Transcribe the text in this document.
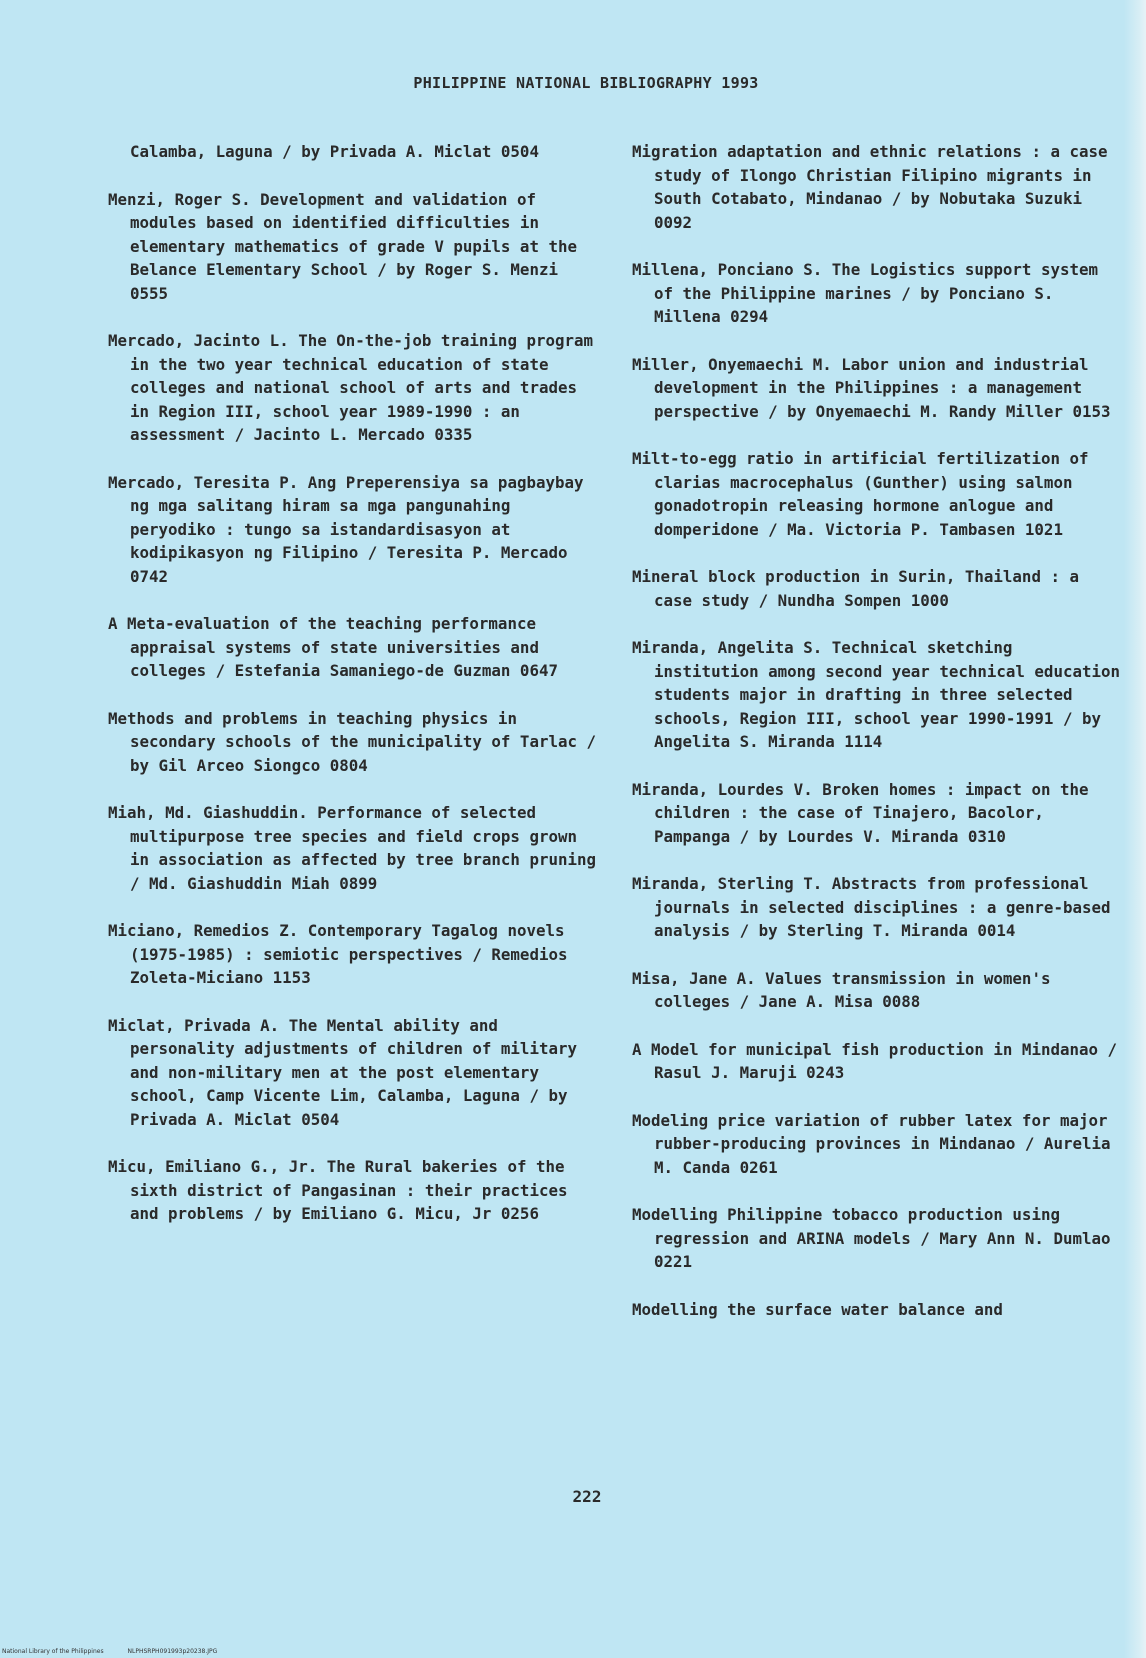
PHILIPPINE NATIONAL BIBLIOGRAPHY 1993
Calamba, Laguna / by Privada A. Miclat 0504
Menzi, Roger S. Development and validation of modules based on identified difficulties in elementary mathematics of grade V pupils at the Belance Elementary School / by Roger S. Menzi 0555
Mercado, Jacinto L. The On-the-job training program in the two year technical education of state colleges and national school of arts and trades in Region III, school year 1989-1990 : an assessment / Jacinto L. Mercado 0335
Mercado, Teresita P. Ang Preperensiya sa pagbaybay ng mga salitang hiram sa mga pangunahing peryodiko : tungo sa istandardisasyon at kodipikasyon ng Filipino / Teresita P. Mercado 0742
A Meta-evaluation of the teaching performance appraisal systems of state universities and colleges / Estefania Samaniego-de Guzman 0647
Methods and problems in teaching physics in secondary schools of the municipality of Tarlac / by Gil Arceo Siongco 0804
Miah, Md. Giashuddin. Performance of selected multipurpose tree species and field crops grown in association as affected by tree branch pruning / Md. Giashuddin Miah 0899
Miciano, Remedios Z. Contemporary Tagalog novels (1975-1985) : semiotic perspectives / Remedios Zoleta-Miciano 1153
Miclat, Privada A. The Mental ability and personality adjustments of children of military and non-military men at the post elementary school, Camp Vicente Lim, Calamba, Laguna / by Privada A. Miclat 0504
Micu, Emiliano G., Jr. The Rural bakeries of the sixth district of Pangasinan : their practices and problems / by Emiliano G. Micu, Jr 0256
Migration adaptation and ethnic relations : a case study of Ilongo Christian Filipino migrants in South Cotabato, Mindanao / by Nobutaka Suzuki 0092
Millena, Ponciano S. The Logistics support system of the Philippine marines / by Ponciano S. Millena 0294
Miller, Onyemaechi M. Labor union and industrial development in the Philippines : a management perspective / by Onyemaechi M. Randy Miller 0153
Milt-to-egg ratio in artificial fertilization of clarias macrocephalus (Gunther) using salmon gonadotropin releasing hormone anlogue and domperidone / Ma. Victoria P. Tambasen 1021
Mineral block production in Surin, Thailand : a case study / Nundha Sompen 1000
Miranda, Angelita S. Technical sketching institution among second year technical education students major in drafting in three selected schools, Region III, school year 1990-1991 / by Angelita S. Miranda 1114
Miranda, Lourdes V. Broken homes : impact on the children : the case of Tinajero, Bacolor, Pampanga / by Lourdes V. Miranda 0310
Miranda, Sterling T. Abstracts from professional journals in selected disciplines : a genre-based analysis / by Sterling T. Miranda 0014
Misa, Jane A. Values transmission in women's colleges / Jane A. Misa 0088
A Model for municipal fish production in Mindanao / Rasul J. Maruji 0243
Modeling price variation of rubber latex for major rubber-producing provinces in Mindanao / Aurelia M. Canda 0261
Modelling Philippine tobacco production using regression and ARINA models / Mary Ann N. Dumlao 0221
Modelling the surface water balance and
222
National Library of the Philippines	NLPHSRPH091993p20238.JPG
